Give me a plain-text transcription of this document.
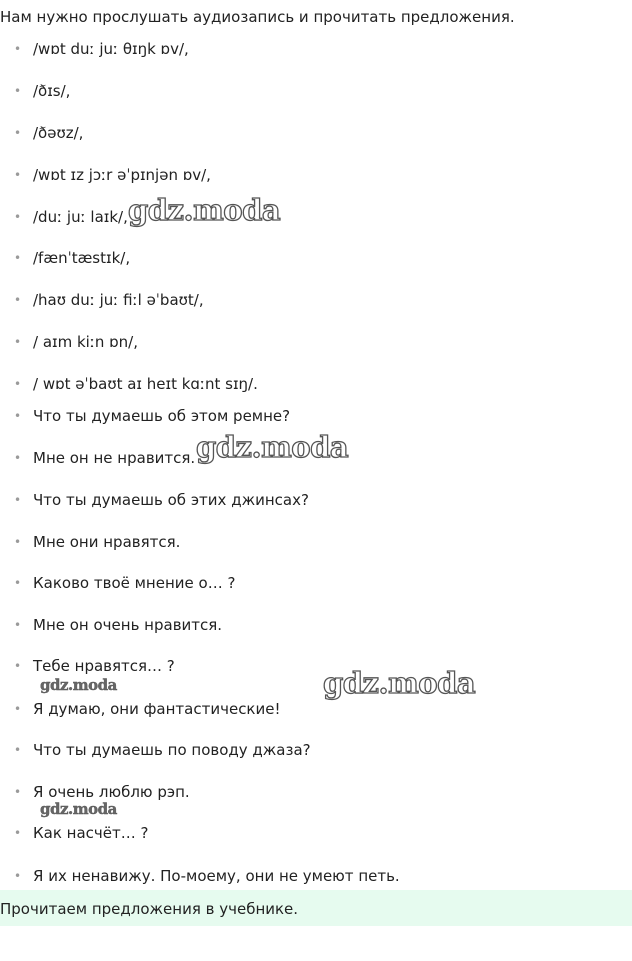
Нам нужно прослушать аудиозапись и прочитать предложения.
• /wɒt duː juː θɪŋk ɒv/,
• /ðɪs/,
• /ðəʊz/,
• /wɒt ɪz jɔːr əˈpɪnjən ɒv/,
• /duː juː laɪk/,
• /fænˈtæstɪk/,
• /haʊ duː juː fiːl əˈbaʊt/,
• / aɪm kiːn ɒn/,
• / wɒt əˈbaʊt aɪ heɪt kɑːnt sɪŋ/.
• Что ты думаешь об этом ремне?
• Мне он не нравится.
• Что ты думаешь об этих джинсах?
• Мне они нравятся.
• Каково твоё мнение о… ?
• Мне он очень нравится.
• Тебе нравятся… ?
• Я думаю, они фантастические!
• Что ты думаешь по поводу джаза?
• Я очень люблю рэп.
• Как насчёт… ?
• Я их ненавижу. По-моему, они не умеют петь.
gdz.moda
gdz.moda
gdz.moda
gdz.moda
gdz.moda
Прочитаем предложения в учебнике.
